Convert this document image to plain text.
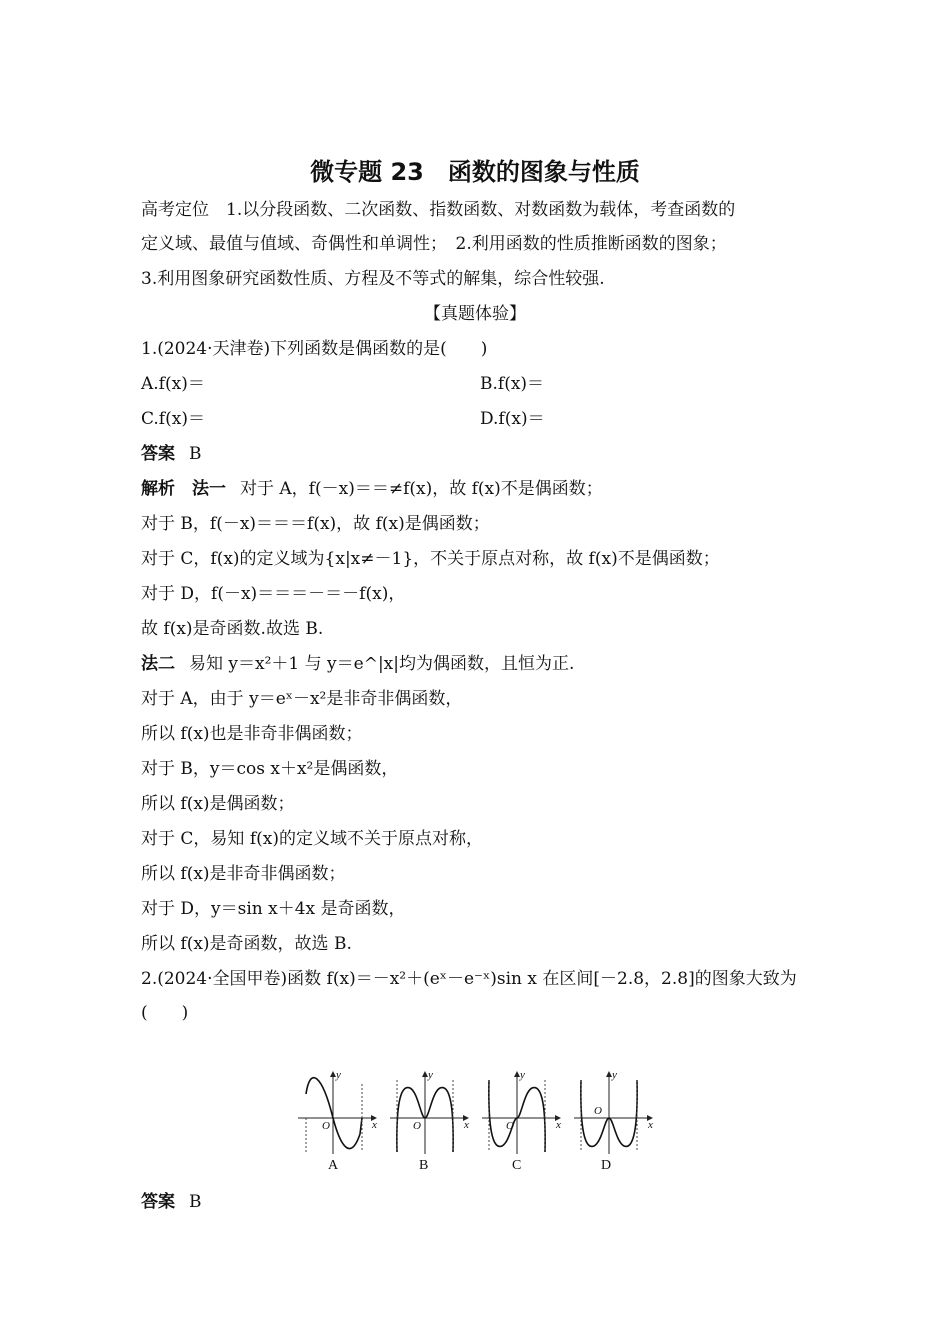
微专题 23　函数的图象与性质
高考定位　1.以分段函数、二次函数、指数函数、对数函数为载体，考查函数的
定义域、最值与值域、奇偶性和单调性；　2.利用函数的性质推断函数的图象；
3.利用图象研究函数性质、方程及不等式的解集，综合性较强.
【真题体验】
1.(2024·天津卷)下列函数是偶函数的是(　　)
A.f(x)＝	B.f(x)＝
C.f(x)＝	D.f(x)＝
答案 B
解析　法一 对于 A，f(－x)＝＝≠f(x)，故 f(x)不是偶函数；
对于 B，f(－x)＝＝＝f(x)，故 f(x)是偶函数；
对于 C，f(x)的定义域为{x|x≠－1}，不关于原点对称，故 f(x)不是偶函数；
对于 D，f(－x)＝＝＝－＝－f(x)，
故 f(x)是奇函数.故选 B.
法二 易知 y＝x²＋1 与 y＝e^|x|均为偶函数，且恒为正.
对于 A，由于 y＝eˣ－x²是非奇非偶函数，
所以 f(x)也是非奇非偶函数；
对于 B，y＝cos x＋x²是偶函数，
所以 f(x)是偶函数；
对于 C，易知 f(x)的定义域不关于原点对称，
所以 f(x)是非奇非偶函数；
对于 D，y＝sin x＋4x 是奇函数，
所以 f(x)是奇函数，故选 B.
2.(2024·全国甲卷)函数 f(x)＝－x²＋(eˣ－e⁻ˣ)sin x 在区间[－2.8，2.8]的图象大致为
(　　)
y
x
O
y
x
O
y
x
O
y
x
O
A	B	C	D
答案 B
